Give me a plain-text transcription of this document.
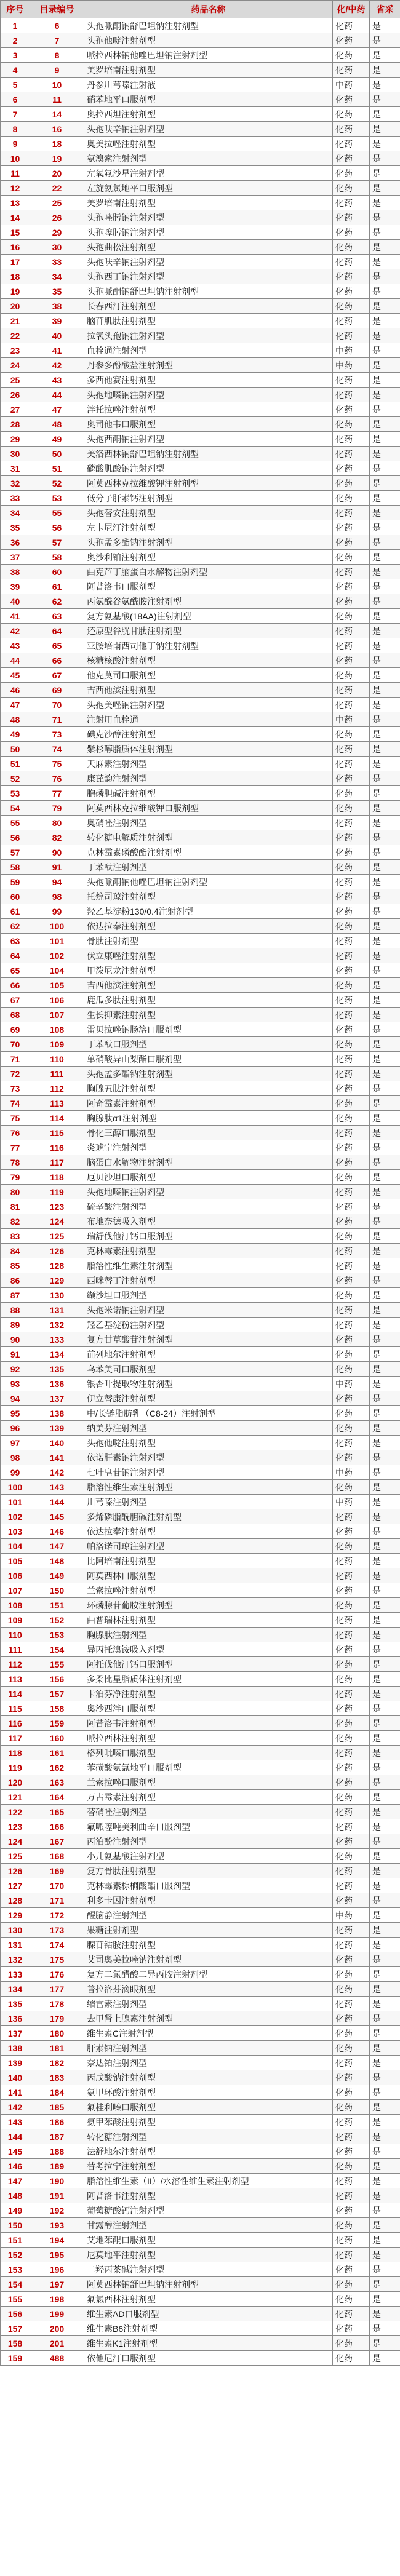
序号	目录编号	药品名称	化/中药	省采
1	6	头孢哌酮钠舒巴坦钠注射剂型	化药	是
2	7	头孢他啶注射剂型	化药	是
3	8	哌拉西林钠他唑巴坦钠注射剂型	化药	是
4	9	美罗培南注射剂型	化药	是
5	10	丹参川芎嗪注射液	中药	是
6	11	硝苯地平口服剂型	化药	是
7	14	奥拉西坦注射剂型	化药	是
8	16	头孢呋辛钠注射剂型	化药	是
9	18	奥美拉唑注射剂型	化药	是
10	19	氨溴索注射剂型	化药	是
11	20	左氧氟沙星注射剂型	化药	是
12	22	左旋氨氯地平口服剂型	化药	是
13	25	美罗培南注射剂型	化药	是
14	26	头孢唑肟钠注射剂型	化药	是
15	29	头孢噻肟钠注射剂型	化药	是
16	30	头孢曲松注射剂型	化药	是
17	33	头孢呋辛钠注射剂型	化药	是
18	34	头孢西丁钠注射剂型	化药	是
19	35	头孢哌酮钠舒巴坦钠注射剂型	化药	是
20	38	长春西汀注射剂型	化药	是
21	39	脑苷肌肽注射剂型	化药	是
22	40	拉氧头孢钠注射剂型	化药	是
23	41	血栓通注射剂型	中药	是
24	42	丹参多酚酸盐注射剂型	中药	是
25	43	多西他赛注射剂型	化药	是
26	44	头孢地嗪钠注射剂型	化药	是
27	47	泮托拉唑注射剂型	化药	是
28	48	奥司他韦口服剂型	化药	是
29	49	头孢西酮钠注射剂型	化药	是
30	50	美洛西林钠舒巴坦钠注射剂型	化药	是
31	51	磷酸肌酸钠注射剂型	化药	是
32	52	阿莫西林克拉维酸钾注射剂型	化药	是
33	53	低分子肝素钙注射剂型	化药	是
34	55	头孢替安注射剂型	化药	是
35	56	左卡尼汀注射剂型	化药	是
36	57	头孢孟多酯钠注射剂型	化药	是
37	58	奥沙利铂注射剂型	化药	是
38	60	曲克芦丁脑蛋白水解物注射剂型	化药	是
39	61	阿昔洛韦口服剂型	化药	是
40	62	丙氨酰谷氨酰胺注射剂型	化药	是
41	63	复方氨基酸(18AA)注射剂型	化药	是
42	64	还原型谷胱甘肽注射剂型	化药	是
43	65	亚胺培南西司他丁钠注射剂型	化药	是
44	66	核糖核酸注射剂型	化药	是
45	67	他克莫司口服剂型	化药	是
46	69	吉西他滨注射剂型	化药	是
47	70	头孢美唑钠注射剂型	化药	是
48	71	注射用血栓通	中药	是
49	73	碘克沙醇注射剂型	化药	是
50	74	紫杉醇脂质体注射剂型	化药	是
51	75	天麻素注射剂型	化药	是
52	76	康芘韵注射剂型	化药	是
53	77	胞磷胆碱注射剂型	化药	是
54	79	阿莫西林克拉维酸钾口服剂型	化药	是
55	80	奥硝唑注射剂型	化药	是
56	82	转化糖电解质注射剂型	化药	是
57	90	克林霉素磷酸酯注射剂型	化药	是
58	91	丁苯酞注射剂型	化药	是
59	94	头孢哌酮钠他唑巴坦钠注射剂型	化药	是
60	98	托烷司琼注射剂型	化药	是
61	99	羟乙基淀粉130/0.4注射剂型	化药	是
62	100	依达拉奉注射剂型	化药	是
63	101	骨肽注射剂型	化药	是
64	102	伏立康唑注射剂型	化药	是
65	104	甲泼尼龙注射剂型	化药	是
66	105	吉西他滨注射剂型	化药	是
67	106	鹿瓜多肽注射剂型	化药	是
68	107	生长抑素注射剂型	化药	是
69	108	雷贝拉唑钠肠溶口服剂型	化药	是
70	109	丁苯酞口服剂型	化药	是
71	110	单硝酸异山梨酯口服剂型	化药	是
72	111	头孢孟多酯钠注射剂型	化药	是
73	112	胸腺五肽注射剂型	化药	是
74	113	阿奇霉素注射剂型	化药	是
75	114	胸腺肽α1注射剂型	化药	是
76	115	骨化三醇口服剂型	化药	是
77	116	炎琥宁注射剂型	化药	是
78	117	脑蛋白水解物注射剂型	化药	是
79	118	厄贝沙坦口服剂型	化药	是
80	119	头孢地嗪钠注射剂型	化药	是
81	123	硫辛酸注射剂型	化药	是
82	124	布地奈德吸入剂型	化药	是
83	125	瑞舒伐他汀钙口服剂型	化药	是
84	126	克林霉素注射剂型	化药	是
85	128	脂溶性维生素注射剂型	化药	是
86	129	西咪替丁注射剂型	化药	是
87	130	缬沙坦口服剂型	化药	是
88	131	头孢米诺钠注射剂型	化药	是
89	132	羟乙基淀粉注射剂型	化药	是
90	133	复方甘草酸苷注射剂型	化药	是
91	134	前列地尔注射剂型	化药	是
92	135	乌苯美司口服剂型	化药	是
93	136	银杏叶提取物注射剂型	中药	是
94	137	伊立替康注射剂型	化药	是
95	138	中/长链脂肪乳（C8-24）注射剂型	化药	是
96	139	纳美芬注射剂型	化药	是
97	140	头孢他啶注射剂型	化药	是
98	141	依诺肝素钠注射剂型	化药	是
99	142	七叶皂苷钠注射剂型	中药	是
100	143	脂溶性维生素注射剂型	化药	是
101	144	川芎嗪注射剂型	中药	是
102	145	多烯磷脂酰胆碱注射剂型	化药	是
103	146	依达拉奉注射剂型	化药	是
104	147	帕洛诺司琼注射剂型	化药	是
105	148	比阿培南注射剂型	化药	是
106	149	阿莫西林口服剂型	化药	是
107	150	兰索拉唑注射剂型	化药	是
108	151	环磷腺苷葡胺注射剂型	化药	是
109	152	曲普瑞林注射剂型	化药	是
110	153	胸腺肽注射剂型	化药	是
111	154	异丙托溴铵吸入剂型	化药	是
112	155	阿托伐他汀钙口服剂型	化药	是
113	156	多柔比星脂质体注射剂型	化药	是
114	157	卡泊芬净注射剂型	化药	是
115	158	奥沙西泮口服剂型	化药	是
116	159	阿昔洛韦注射剂型	化药	是
117	160	哌拉西林注射剂型	化药	是
118	161	格列吡嗪口服剂型	化药	是
119	162	苯磺酸氨氯地平口服剂型	化药	是
120	163	兰索拉唑口服剂型	化药	是
121	164	万古霉素注射剂型	化药	是
122	165	替硝唑注射剂型	化药	是
123	166	氟哌噻吨美利曲辛口服剂型	化药	是
124	167	丙泊酚注射剂型	化药	是
125	168	小儿氨基酸注射剂型	化药	是
126	169	复方骨肽注射剂型	化药	是
127	170	克林霉素棕榈酸酯口服剂型	化药	是
128	171	利多卡因注射剂型	化药	是
129	172	醒脑静注射剂型	中药	是
130	173	果糖注射剂型	化药	是
131	174	腺苷钴胺注射剂型	化药	是
132	175	艾司奥美拉唑钠注射剂型	化药	是
133	176	复方二氯醋酸二异丙胺注射剂型	化药	是
134	177	普拉洛芬滴眼剂型	化药	是
135	178	缩宫素注射剂型	化药	是
136	179	去甲肾上腺素注射剂型	化药	是
137	180	维生素C注射剂型	化药	是
138	181	肝素钠注射剂型	化药	是
139	182	奈达铂注射剂型	化药	是
140	183	丙戊酸钠注射剂型	化药	是
141	184	氨甲环酸注射剂型	化药	是
142	185	氟桂利嗪口服剂型	化药	是
143	186	氨甲苯酸注射剂型	化药	是
144	187	转化糖注射剂型	化药	是
145	188	法舒地尔注射剂型	化药	是
146	189	替考拉宁注射剂型	化药	是
147	190	脂溶性维生素（II）/水溶性维生素注射剂型	化药	是
148	191	阿昔洛韦注射剂型	化药	是
149	192	葡萄糖酸钙注射剂型	化药	是
150	193	甘露醇注射剂型	化药	是
151	194	艾地苯醌口服剂型	化药	是
152	195	尼莫地平注射剂型	化药	是
153	196	二羟丙茶碱注射剂型	化药	是
154	197	阿莫西林钠舒巴坦钠注射剂型	化药	是
155	198	氟氯西林注射剂型	化药	是
156	199	维生素AD口服剂型	化药	是
157	200	维生素B6注射剂型	化药	是
158	201	维生素K1注射剂型	化药	是
159	488	依他尼汀口服剂型	化药	是
